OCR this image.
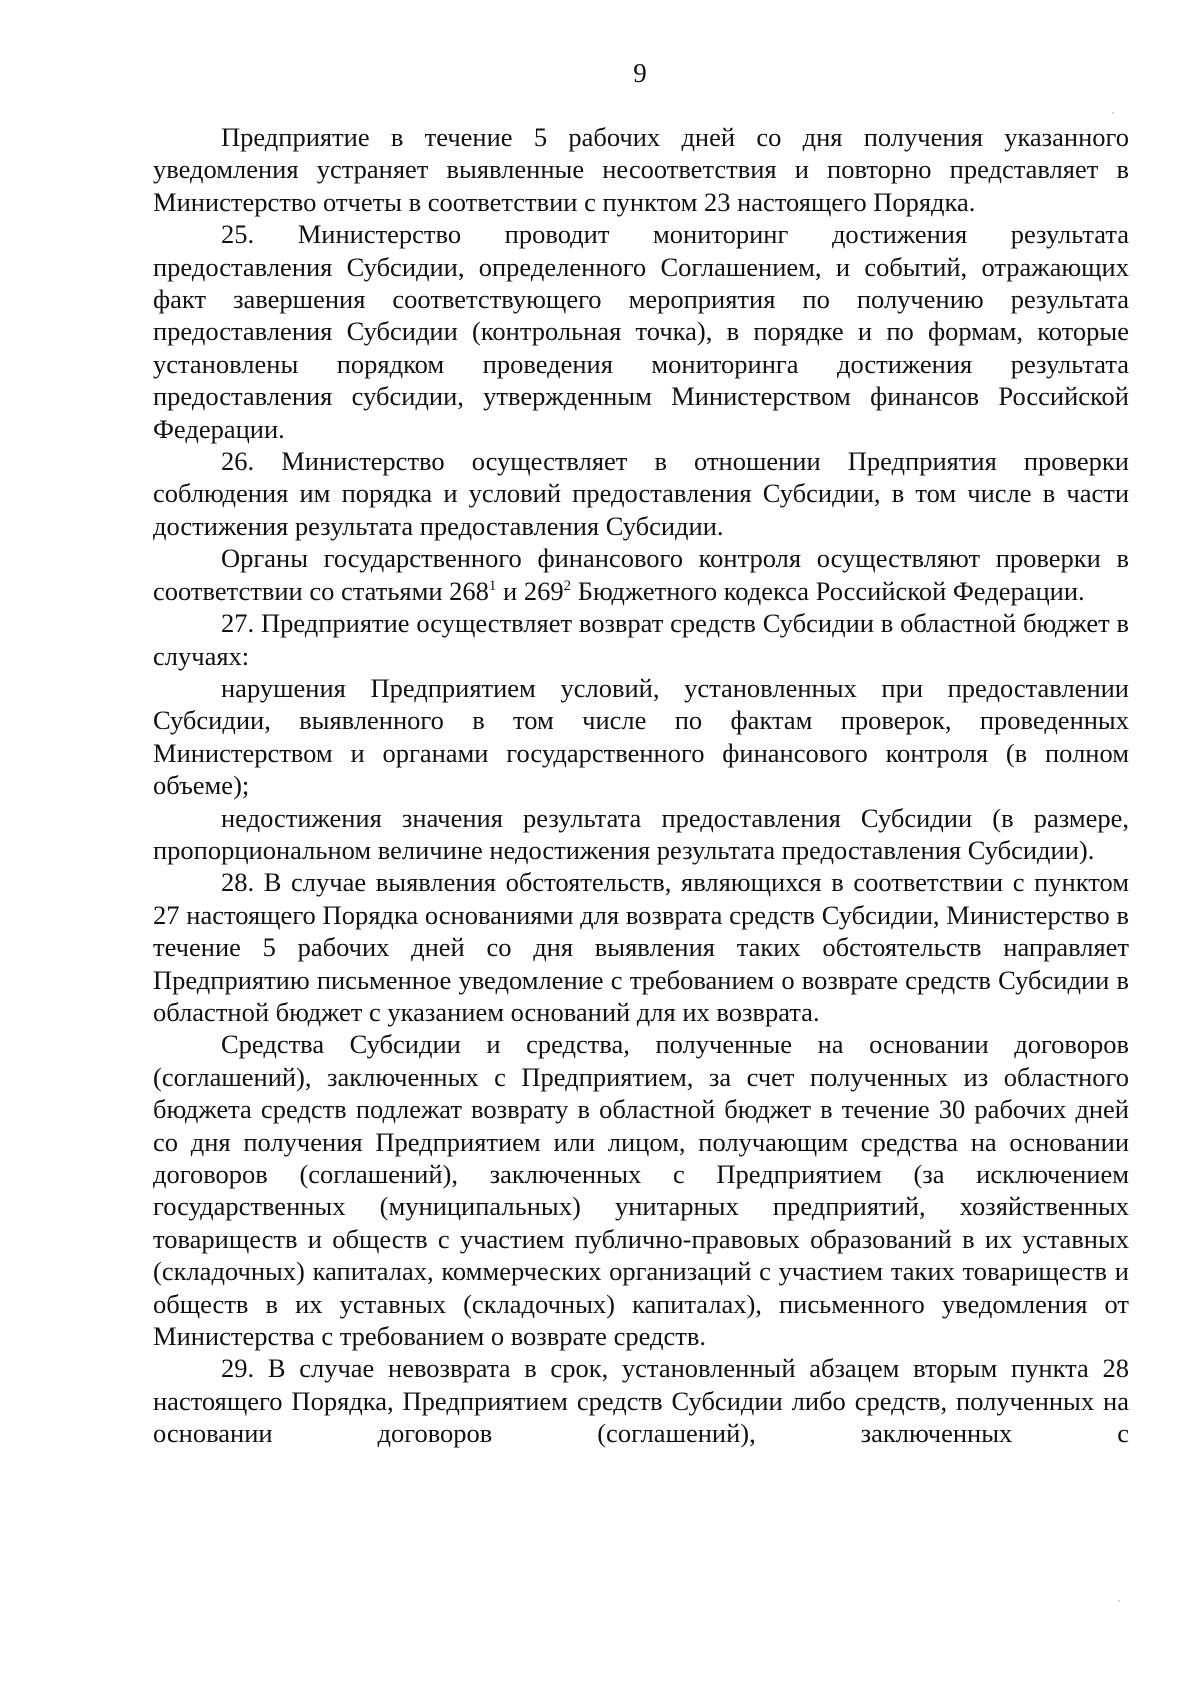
9

Предприятие в течение 5 рабочих дней со дня получения указанного уведомления устраняет выявленные несоответствия и повторно представляет в Министерство отчеты в соответствии с пунктом 23 настоящего Порядка.

25. Министерство проводит мониторинг достижения результата предоставления Субсидии, определенного Соглашением, и событий, отражающих факт завершения соответствующего мероприятия по получению результата предоставления Субсидии (контрольная точка), в порядке и по формам, которые установлены порядком проведения мониторинга достижения результата предоставления субсидии, утвержденным Министерством финансов Российской Федерации.

26. Министерство осуществляет в отношении Предприятия проверки соблюдения им порядка и условий предоставления Субсидии, в том числе в части достижения результата предоставления Субсидии.

Органы государственного финансового контроля осуществляют проверки в соответствии со статьями $268^1$ и $269^2$ Бюджетного кодекса Российской Федерации.

27. Предприятие осуществляет возврат средств Субсидии в областной бюджет в случаях:

нарушения Предприятием условий, установленных при предоставлении Субсидии, выявленного в том числе по фактам проверок, проведенных Министерством и органами государственного финансового контроля (в полном объеме);

недостижения значения результата предоставления Субсидии (в размере, пропорциональном величине недостижения результата предоставления Субсидии).

28. В случае выявления обстоятельств, являющихся в соответствии с пунктом 27 настоящего Порядка основаниями для возврата средств Субсидии, Министерство в течение 5 рабочих дней со дня выявления таких обстоятельств направляет Предприятию письменное уведомление с требованием о возврате средств Субсидии в областной бюджет с указанием оснований для их возврата.

Средства Субсидии и средства, полученные на основании договоров (соглашений), заключенных с Предприятием, за счет полученных из областного бюджета средств подлежат возврату в областной бюджет в течение 30 рабочих дней со дня получения Предприятием или лицом, получающим средства на основании договоров (соглашений), заключенных с Предприятием (за исключением государственных (муниципальных) унитарных предприятий, хозяйственных товариществ и обществ с участием публично-правовых образований в их уставных (складочных) капиталах, коммерческих организаций с участием таких товариществ и обществ в их уставных (складочных) капиталах), письменного уведомления от Министерства с требованием о возврате средств.

29. В случае невозврата в срок, установленный абзацем вторым пункта 28 настоящего Порядка, Предприятием средств Субсидии либо средств, полученных на основании договоров (соглашений), заключенных с
